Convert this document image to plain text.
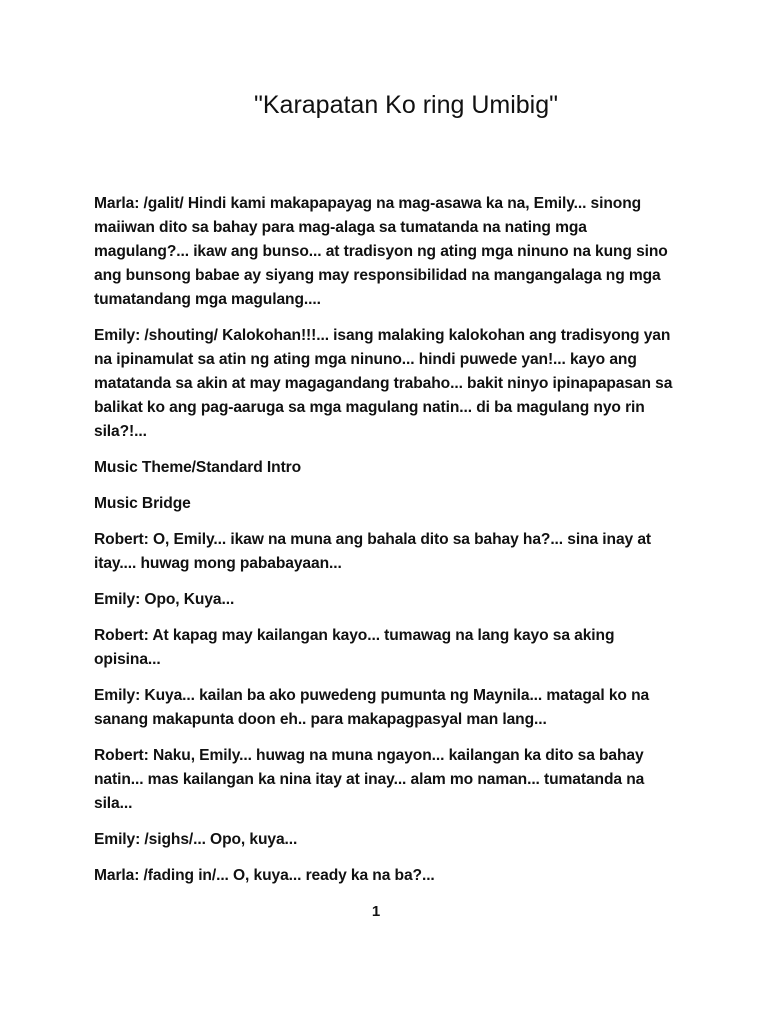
"Karapatan Ko ring Umibig"

Marla: /galit/ Hindi kami makapapayag na mag-asawa ka na, Emily... sinong maiiwan dito sa bahay para mag-alaga sa tumatanda na nating mga magulang?... ikaw ang bunso... at tradisyon ng ating mga ninuno na kung sino ang bunsong babae ay siyang may responsibilidad na mangangalaga ng mga tumatandang mga magulang....

Emily: /shouting/ Kalokohan!!!... isang malaking kalokohan ang tradisyong yan na ipinamulat sa atin ng ating mga ninuno... hindi puwede yan!... kayo ang matatanda sa akin at may magagandang trabaho... bakit ninyo ipinapapasan sa balikat ko ang pag-aaruga sa mga magulang natin... di ba magulang nyo rin sila?!...

Music Theme/Standard Intro

Music Bridge

Robert: O, Emily... ikaw na muna ang bahala dito sa bahay ha?... sina inay at itay.... huwag mong pababayaan...

Emily: Opo, Kuya...

Robert: At kapag may kailangan kayo... tumawag na lang kayo sa aking opisina...

Emily: Kuya... kailan ba ako puwedeng pumunta ng Maynila... matagal ko na sanang makapunta doon eh.. para makapagpasyal man lang...

Robert: Naku, Emily... huwag na muna ngayon... kailangan ka dito sa bahay natin... mas kailangan ka nina itay at inay... alam mo naman... tumatanda na sila...

Emily: /sighs/... Opo, kuya...

Marla: /fading in/... O, kuya... ready ka na ba?...

1
